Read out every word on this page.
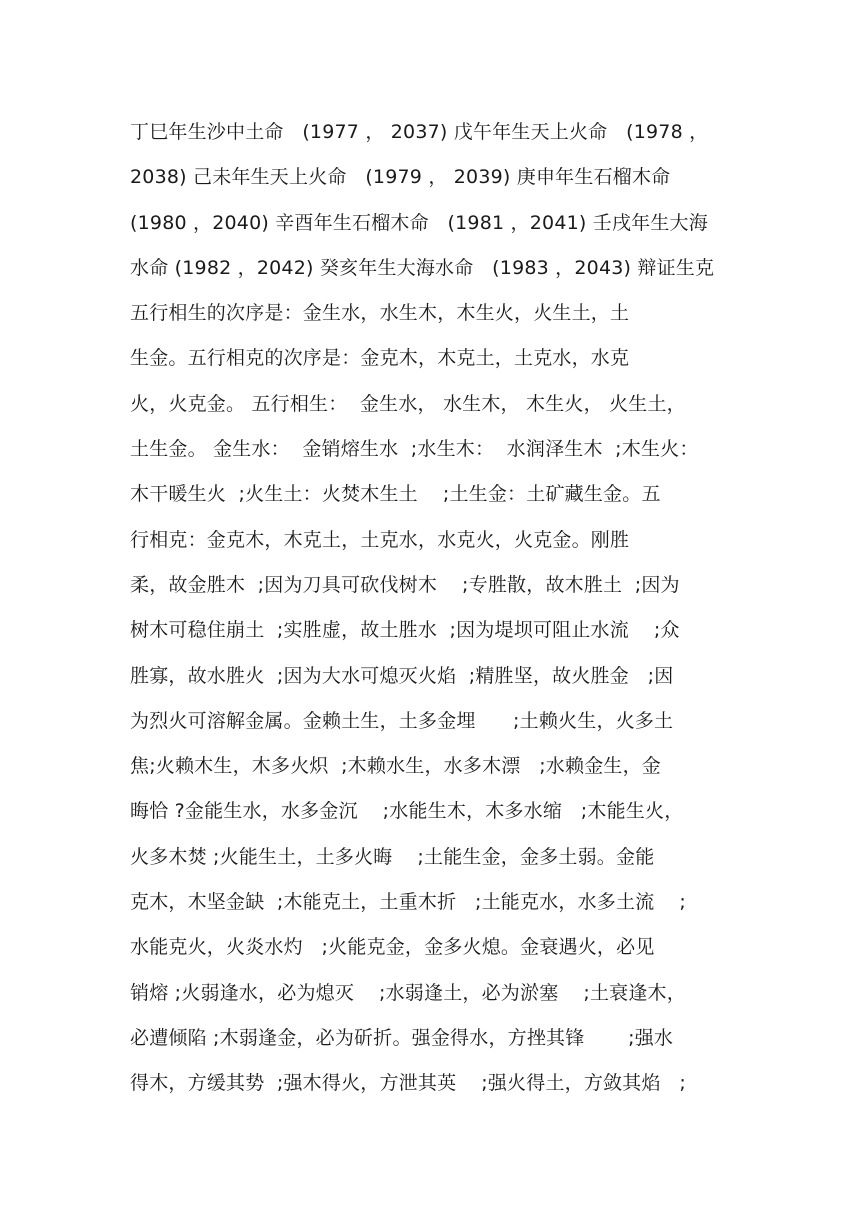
丁巳年生沙中土命   (1977 ， 2037) 戊午年生天上火命   (1978 ，
2038) 己未年生天上火命   (1979 ， 2039) 庚申年生石榴木命
(1980 ，2040) 辛酉年生石榴木命   (1981 ，2041) 壬戌年生大海
水命 (1982 ，2042) 癸亥年生大海水命   (1983 ，2043) 辩证生克
五行相生的次序是：金生水，水生木，木生火，火生土，土
生金。五行相克的次序是：金克木，木克土，土克水，水克
火，火克金。 五行相生：  金生水， 水生木， 木生火， 火生土，
土生金。 金生水：  金销熔生水  ;水生木：  水润泽生木  ;木生火：
木干暖生火  ;火生土：火焚木生土    ;土生金：土矿藏生金。五
行相克：金克木，木克土，土克水，水克火，火克金。刚胜
柔，故金胜木  ;因为刀具可砍伐树木    ;专胜散，故木胜土  ;因为
树木可稳住崩土  ;实胜虚，故土胜水  ;因为堤坝可阻止水流    ;众
胜寡，故水胜火  ;因为大水可熄灭火焰  ;精胜坚，故火胜金   ;因
为烈火可溶解金属。金赖土生，土多金埋      ;土赖火生，火多土
焦;火赖木生，木多火炽  ;木赖水生，水多木漂   ;水赖金生，金
晦恰 ?金能生水，水多金沉    ;水能生木，木多水缩   ;木能生火，
火多木焚 ;火能生土，土多火晦    ;土能生金，金多土弱。金能
克木，木坚金缺  ;木能克土，土重木折   ;土能克水，水多土流    ;
水能克火，火炎水灼   ;火能克金，金多火熄。金衰遇火，必见
销熔 ;火弱逢水，必为熄灭    ;水弱逢土，必为淤塞    ;土衰逢木，
必遭倾陷 ;木弱逢金，必为斫折。强金得水，方挫其锋       ;强水
得木，方缓其势  ;强木得火，方泄其英    ;强火得土，方敛其焰   ;
